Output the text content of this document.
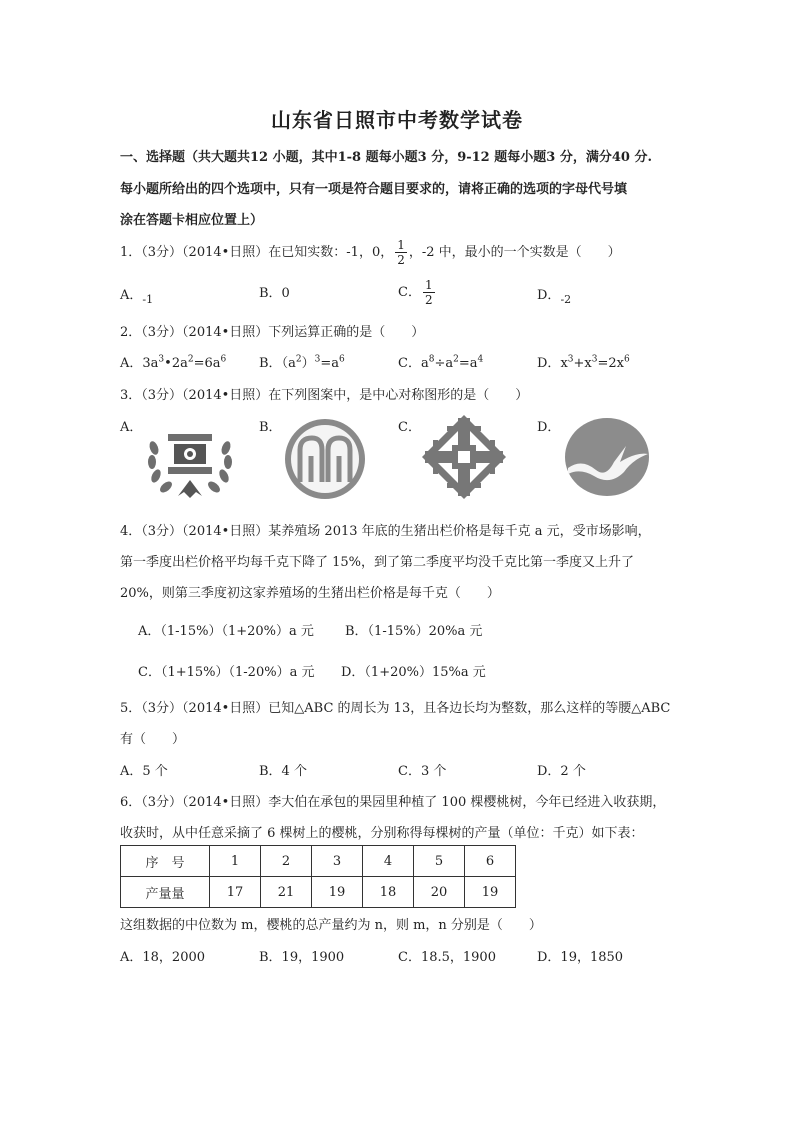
山东省日照市中考数学试卷
一、选择题（共大题共12 小题，其中1-8 题每小题3 分，9-12 题每小题3 分，满分40 分.
每小题所给出的四个选项中，只有一项是符合题目要求的，请将正确的选项的字母代号填
涂在答题卡相应位置上）
1．（3分）（2014•日照）在已知实数：-1，0， $\frac{1}{2}$ ，-2 中，最小的一个实数是（　　）
A．$_{-1}$	B．0	C． $\frac{1}{2}$	D．$_{-2}$
2．（3分）（2014•日照）下列运算正确的是（　　）
A．$3a^3•2a^2=6a^6$	B．$(a^2)^3=a^6$	C．$a^8\div a^2=a^4$	D．$x^3+x^3=2x^6$
3．（3分）（2014•日照）在下列图案中，是中心对称图形的是（　　）
A．	B．	C．	D．
4．（3分）（2014•日照）某养殖场 2013 年底的生猪出栏价格是每千克 a 元，受市场影响，
第一季度出栏价格平均每千克下降了 15%，到了第二季度平均没千克比第一季度又上升了
20%，则第三季度初这家养殖场的生猪出栏价格是每千克（　　）
A．（1-15%）（1+20%）a 元 B．（1-15%）20%a 元
C．（1+15%）（1-20%）a 元 D．（1+20%）15%a 元
5．（3分）（2014•日照）已知△ABC 的周长为 13，且各边长均为整数，那么这样的等腰△ABC
有（　　）
A．5 个	B．4 个	C．3 个	D．2 个
6．（3分）（2014•日照）李大伯在承包的果园里种植了 100 棵樱桃树，今年已经进入收获期，
收获时，从中任意采摘了 6 棵树上的樱桃，分别称得每棵树的产量（单位：千克）如下表：
序　号	1	2	3	4	5	6
产量量	17	21	19	18	20	19
这组数据的中位数为 m，樱桃的总产量约为 n，则 m，n 分别是（　　）
A．18，2000	B．19，1900	C．18.5，1900	D．19，1850
